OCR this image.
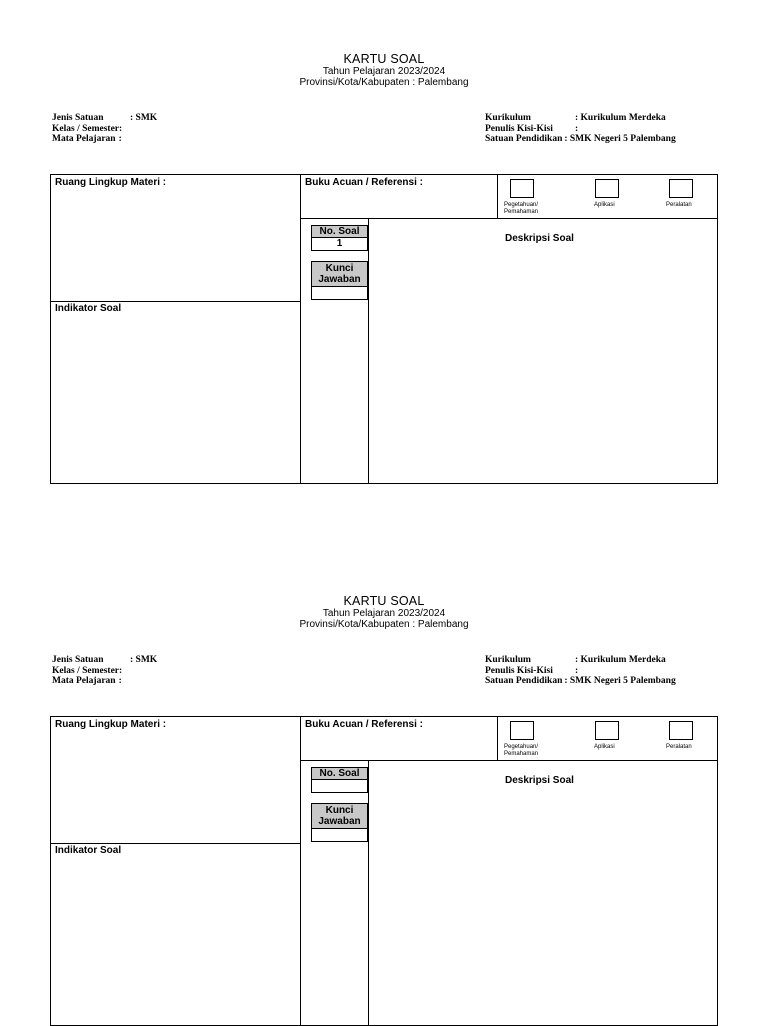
KARTU SOAL
Tahun Pelajaran 2023/2024
Provinsi/Kota/Kabupaten : Palembang
Jenis Satuan	: SMK
Kelas / Semester :
Mata Pelajaran :
Kurikulum	: Kurikulum Merdeka
Penulis Kisi-Kisi	:
Satuan Pendidikan : SMK Negeri 5 Palembang
Ruang Lingkup Materi :
Indikator Soal
Buku Acuan / Referensi :
Pegetahuan/ Pemahaman
Aplikasi	Peralatan
No. Soal
1
Kunci Jawaban
Deskripsi Soal
KARTU SOAL
Tahun Pelajaran 2023/2024
Provinsi/Kota/Kabupaten : Palembang
Jenis Satuan	: SMK
Kelas / Semester :
Mata Pelajaran :
Kurikulum	: Kurikulum Merdeka
Penulis Kisi-Kisi	:
Satuan Pendidikan : SMK Negeri 5 Palembang
Ruang Lingkup Materi :
Indikator Soal
Buku Acuan / Referensi :
Pegetahuan/ Pemahaman
Aplikasi	Peralatan
No. Soal
Kunci Jawaban
Deskripsi Soal
